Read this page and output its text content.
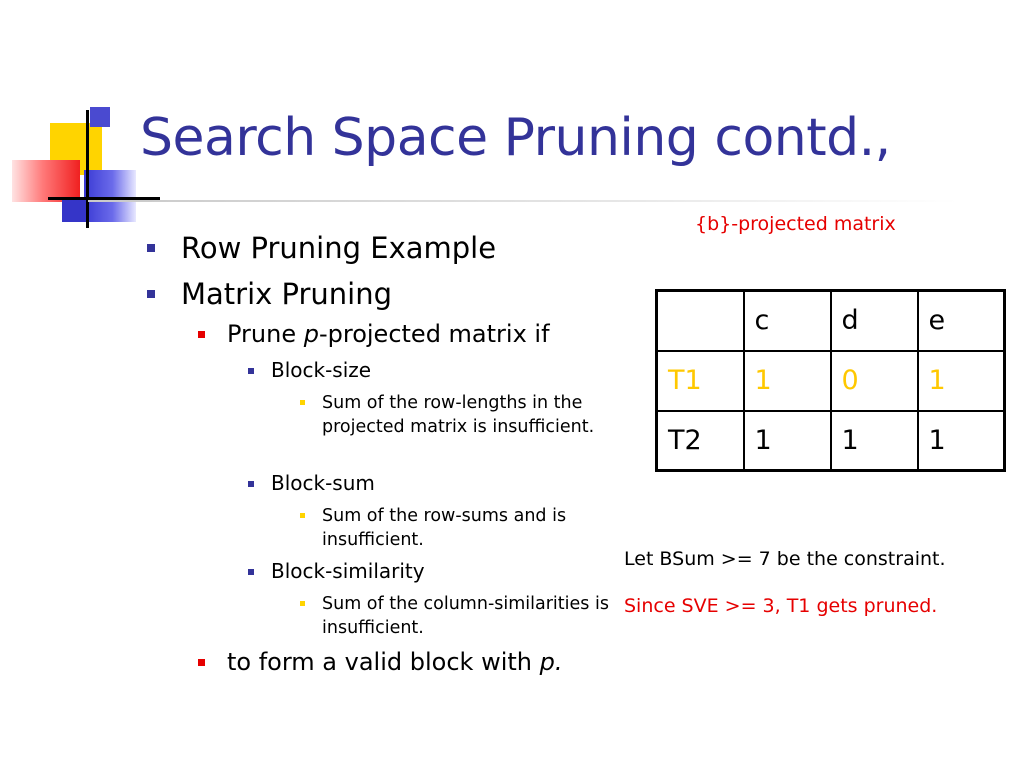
Search Space Pruning contd.,
Row Pruning Example
Matrix Pruning
Prune p-projected matrix if
Block-size
Sum of the row-lengths in the projected matrix is insufficient.
Block-sum
Sum of the row-sums and is insufficient.
Block-similarity
Sum of the column-similarities is insufficient.
to form a valid block with p.
{b}-projected matrix
	c	d	e
T1	1	0	1
T2	1	1	1
Let BSum >= 7 be the constraint.
Since SVE >= 3, T1 gets pruned.
